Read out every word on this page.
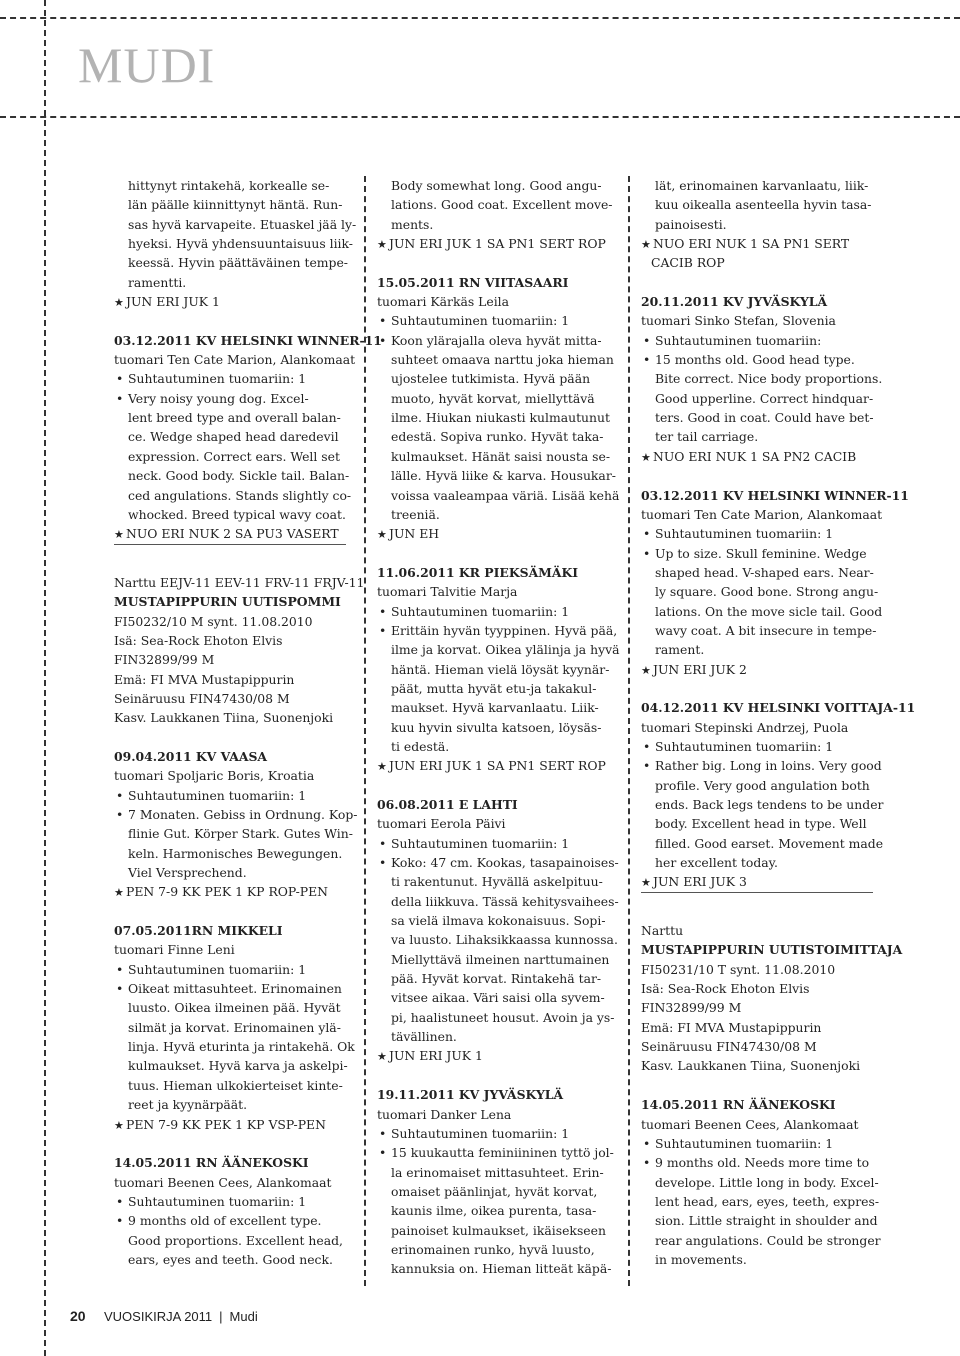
MUDI
hittynyt rintakehä, korkealle se-
län päälle kiinnittynyt häntä. Run-
sas hyvä karvapeite. Etuaskel jää ly-
hyeksi. Hyvä yhdensuuntaisuus liik-
keessä. Hyvin päättäväinen tempe-
ramentti.
★ JUN ERI JUK 1
03.12.2011 KV HELSINKI WINNER-11
tuomari Ten Cate Marion, Alankomaat
• Suhtautuminen tuomariin: 1
• Very noisy young dog. Excel-
lent breed type and overall balan-
ce. Wedge shaped head daredevil
expression. Correct ears. Well set
neck. Good body. Sickle tail. Balan-
ced angulations. Stands slightly co-
whocked. Breed typical wavy coat.
★ NUO ERI NUK 2 SA PU3 VASERT
Narttu EEJV-11 EEV-11 FRV-11 FRJV-11
MUSTAPIPPURIN UUTISPOMMI
FI50232/10 M synt. 11.08.2010
Isä: Sea-Rock Ehoton Elvis
FIN32899/99 M
Emä: FI MVA Mustapippurin
Seinäruusu FIN47430/08 M
Kasv. Laukkanen Tiina, Suonenjoki
09.04.2011 KV VAASA
tuomari Spoljaric Boris, Kroatia
• Suhtautuminen tuomariin: 1
• 7 Monaten. Gebiss in Ordnung. Kop-
flinie Gut. Körper Stark. Gutes Win-
keln. Harmonisches Bewegungen.
Viel Versprechend.
★ PEN 7-9 KK PEK 1 KP ROP-PEN
07.05.2011RN MIKKELI
tuomari Finne Leni
• Suhtautuminen tuomariin: 1
• Oikeat mittasuhteet. Erinomainen
luusto. Oikea ilmeinen pää. Hyvät
silmät ja korvat. Erinomainen ylä-
linja. Hyvä eturinta ja rintakehä. Ok
kulmaukset. Hyvä karva ja askelpi-
tuus. Hieman ulkokierteiset kinte-
reet ja kyynärpäät.
★ PEN 7-9 KK PEK 1 KP VSP-PEN
14.05.2011 RN ÄÄNEKOSKI
tuomari Beenen Cees, Alankomaat
• Suhtautuminen tuomariin: 1
• 9 months old of excellent type.
Good proportions. Excellent head,
ears, eyes and teeth. Good neck.
Body somewhat long. Good angu-
lations. Good coat. Excellent move-
ments.
★ JUN ERI JUK 1 SA PN1 SERT ROP
15.05.2011 RN VIITASAARI
tuomari Kärkäs Leila
• Suhtautuminen tuomariin: 1
• Koon ylärajalla oleva hyvät mitta-
suhteet omaava narttu joka hieman
ujostelee tutkimista. Hyvä pään
muoto, hyvät korvat, miellyttävä
ilme. Hiukan niukasti kulmautunut
edestä. Sopiva runko. Hyvät taka-
kulmaukset. Hänät saisi nousta se-
lälle. Hyvä liike & karva. Housukar-
voissa vaaleampaa väriä. Lisää kehä
treeniä.
★ JUN EH
11.06.2011 KR PIEKSÄMÄKI
tuomari Talvitie Marja
• Suhtautuminen tuomariin: 1
• Erittäin hyvän tyyppinen. Hyvä pää,
ilme ja korvat. Oikea ylälinja ja hyvä
häntä. Hieman vielä löysät kyynär-
päät, mutta hyvät etu-ja takakul-
maukset. Hyvä karvanlaatu. Liik-
kuu hyvin sivulta katsoen, löysäs-
ti edestä.
★ JUN ERI JUK 1 SA PN1 SERT ROP
06.08.2011 E LAHTI
tuomari Eerola Päivi
• Suhtautuminen tuomariin: 1
• Koko: 47 cm. Kookas, tasapainoises-
ti rakentunut. Hyvällä askelpituu-
della liikkuva. Tässä kehitysvaihees-
sa vielä ilmava kokonaisuus. Sopi-
va luusto. Lihaksikkaassa kunnossa.
Miellyttävä ilmeinen narttumainen
pää. Hyvät korvat. Rintakehä tar-
vitsee aikaa. Väri saisi olla syvem-
pi, haalistuneet housut. Avoin ja ys-
tävällinen.
★ JUN ERI JUK 1
19.11.2011 KV JYVÄSKYLÄ
tuomari Danker Lena
• Suhtautuminen tuomariin: 1
• 15 kuukautta feminiininen tyttö jol-
la erinomaiset mittasuhteet. Erin-
omaiset päänlinjat, hyvät korvat,
kaunis ilme, oikea purenta, tasa-
painoiset kulmaukset, ikäisekseen
erinomainen runko, hyvä luusto,
kannuksia on. Hieman litteät käpä-
lät, erinomainen karvanlaatu, liik-
kuu oikealla asenteella hyvin tasa-
painoisesti.
★ NUO ERI NUK 1 SA PN1 SERT
CACIB ROP
20.11.2011 KV JYVÄSKYLÄ
tuomari Sinko Stefan, Slovenia
• Suhtautuminen tuomariin:
• 15 months old. Good head type.
Bite correct. Nice body proportions.
Good upperline. Correct hindquar-
ters. Good in coat. Could have bet-
ter tail carriage.
★ NUO ERI NUK 1 SA PN2 CACIB
03.12.2011 KV HELSINKI WINNER-11
tuomari Ten Cate Marion, Alankomaat
• Suhtautuminen tuomariin: 1
• Up to size. Skull feminine. Wedge
shaped head. V-shaped ears. Near-
ly square. Good bone. Strong angu-
lations. On the move sicle tail. Good
wavy coat. A bit insecure in tempe-
rament.
★ JUN ERI JUK 2
04.12.2011 KV HELSINKI VOITTAJA-11
tuomari Stepinski Andrzej, Puola
• Suhtautuminen tuomariin: 1
• Rather big. Long in loins. Very good
profile. Very good angulation both
ends. Back legs tendens to be under
body. Excellent head in type. Well
filled. Good earset. Movement made
her excellent today.
★ JUN ERI JUK 3
Narttu
MUSTAPIPPURIN UUTISTOIMITTAJA
FI50231/10 T synt. 11.08.2010
Isä: Sea-Rock Ehoton Elvis
FIN32899/99 M
Emä: FI MVA Mustapippurin
Seinäruusu FIN47430/08 M
Kasv. Laukkanen Tiina, Suonenjoki
14.05.2011 RN ÄÄNEKOSKI
tuomari Beenen Cees, Alankomaat
• Suhtautuminen tuomariin: 1
• 9 months old. Needs more time to
develope. Little long in body. Excel-
lent head, ears, eyes, teeth, expres-
sion. Little straight in shoulder and
rear angulations. Could be stronger
in movements.
20	VUOSIKIRJA 2011 | Mudi
